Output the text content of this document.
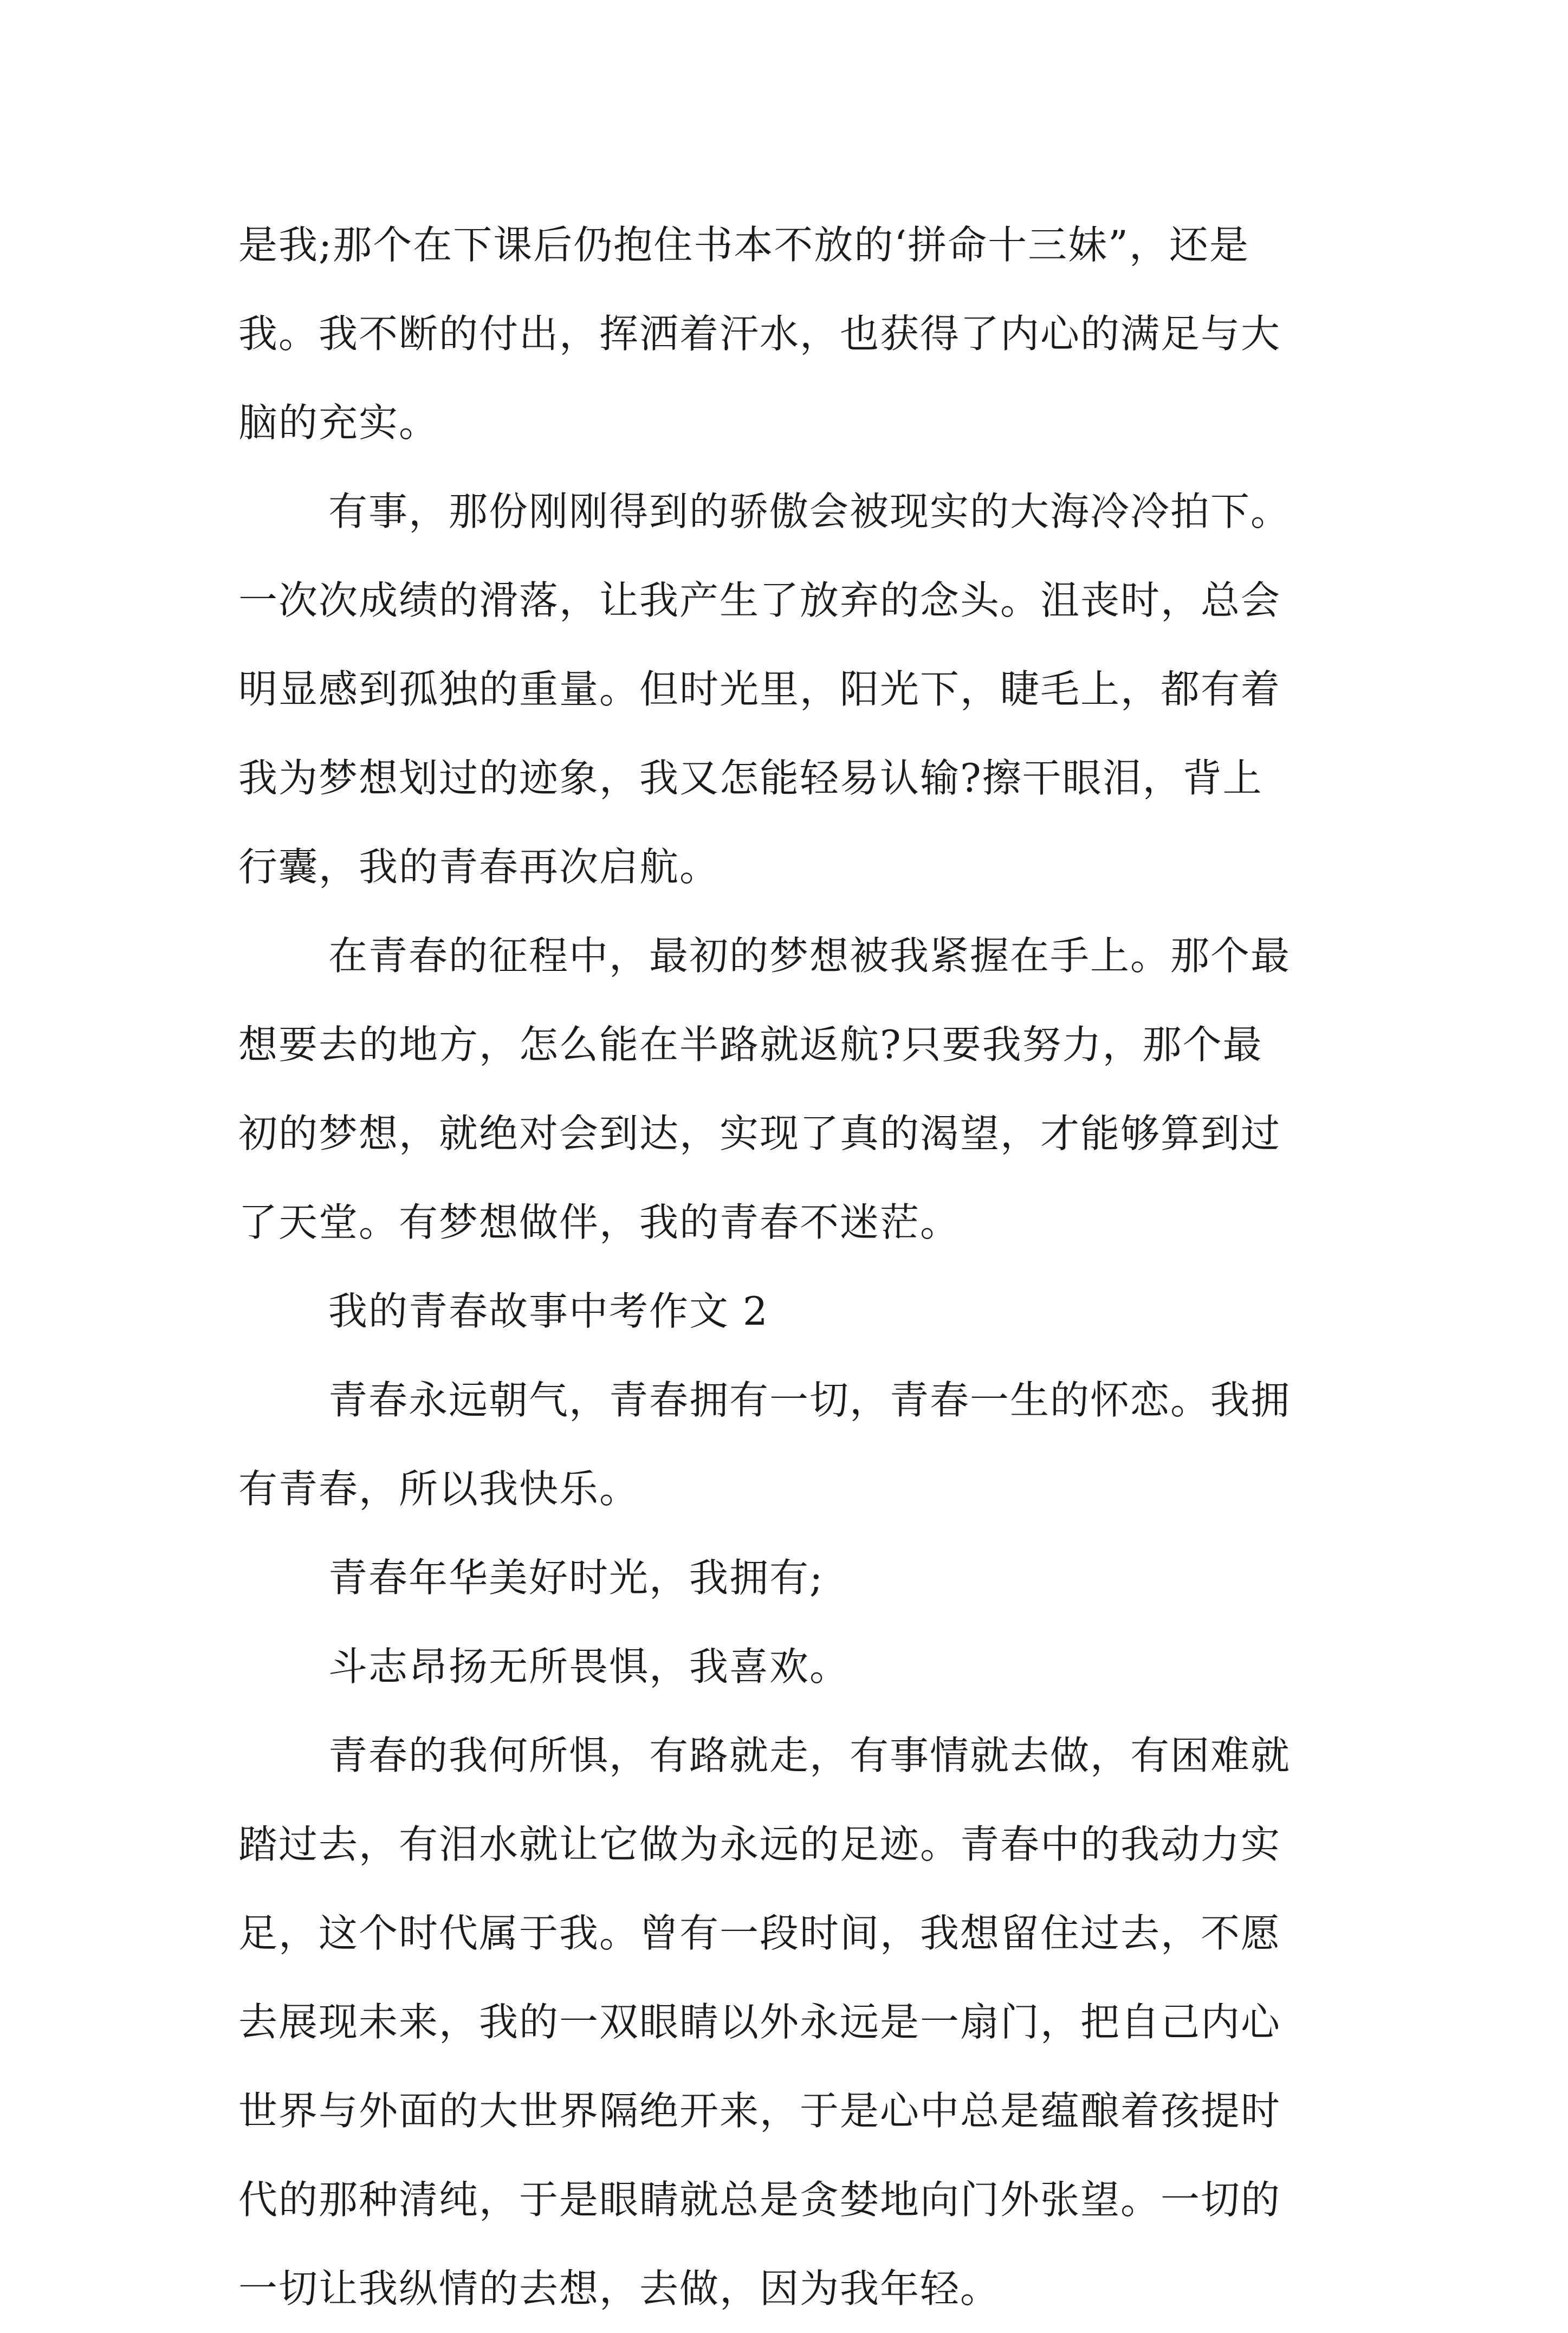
是我;那个在下课后仍抱住书本不放的‘拼命十三妹”，还是
我。我不断的付出，挥洒着汗水，也获得了内心的满足与大
脑的充实。
有事，那份刚刚得到的骄傲会被现实的大海冷冷拍下。
一次次成绩的滑落，让我产生了放弃的念头。沮丧时，总会
明显感到孤独的重量。但时光里，阳光下，睫毛上，都有着
我为梦想划过的迹象，我又怎能轻易认输?擦干眼泪，背上
行囊，我的青春再次启航。
在青春的征程中，最初的梦想被我紧握在手上。那个最
想要去的地方，怎么能在半路就返航?只要我努力，那个最
初的梦想，就绝对会到达，实现了真的渴望，才能够算到过
了天堂。有梦想做伴，我的青春不迷茫。
我的青春故事中考作文 2
青春永远朝气，青春拥有一切，青春一生的怀恋。我拥
有青春，所以我快乐。
青春年华美好时光，我拥有;
斗志昂扬无所畏惧，我喜欢。
青春的我何所惧，有路就走，有事情就去做，有困难就
踏过去，有泪水就让它做为永远的足迹。青春中的我动力实
足，这个时代属于我。曾有一段时间，我想留住过去，不愿
去展现未来，我的一双眼睛以外永远是一扇门，把自己内心
世界与外面的大世界隔绝开来，于是心中总是蕴酿着孩提时
代的那种清纯，于是眼睛就总是贪婪地向门外张望。一切的
一切让我纵情的去想，去做，因为我年轻。
